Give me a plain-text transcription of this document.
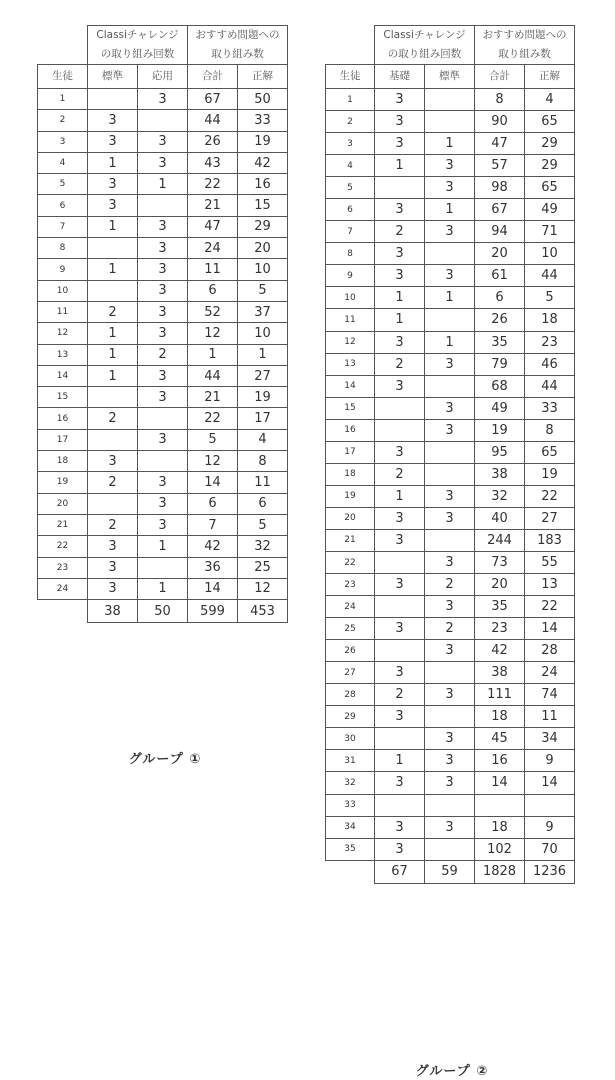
	Classiチャレンジ		おすすめ問題への	
	の取り組み回数		取り組み数	
生徒	標準	応用	合計	正解
1		3	67	50
2	3		44	33
3	3	3	26	19
4	1	3	43	42
5	3	1	22	16
6	3		21	15
7	1	3	47	29
8		3	24	20
9	1	3	11	10
10		3	6	5
11	2	3	52	37
12	1	3	12	10
13	1	2	1	1
14	1	3	44	27
15		3	21	19
16	2		22	17
17		3	5	4
18	3		12	8
19	2	3	14	11
20		3	6	6
21	2	3	7	5
22	3	1	42	32
23	3		36	25
24	3	1	14	12
	38	50	599	453
グループ ①
	Classiチャレンジ		おすすめ問題への	
	の取り組み回数		取り組み数	
生徒	基礎	標準	合計	正解
1	3		8	4
2	3		90	65
3	3	1	47	29
4	1	3	57	29
5		3	98	65
6	3	1	67	49
7	2	3	94	71
8	3		20	10
9	3	3	61	44
10	1	1	6	5
11	1		26	18
12	3	1	35	23
13	2	3	79	46
14	3		68	44
15		3	49	33
16		3	19	8
17	3		95	65
18	2		38	19
19	1	3	32	22
20	3	3	40	27
21	3		244	183
22		3	73	55
23	3	2	20	13
24		3	35	22
25	3	2	23	14
26		3	42	28
27	3		38	24
28	2	3	111	74
29	3		18	11
30		3	45	34
31	1	3	16	9
32	3	3	14	14
33				
34	3	3	18	9
35	3		102	70
	67	59	1828	1236
グループ ②
